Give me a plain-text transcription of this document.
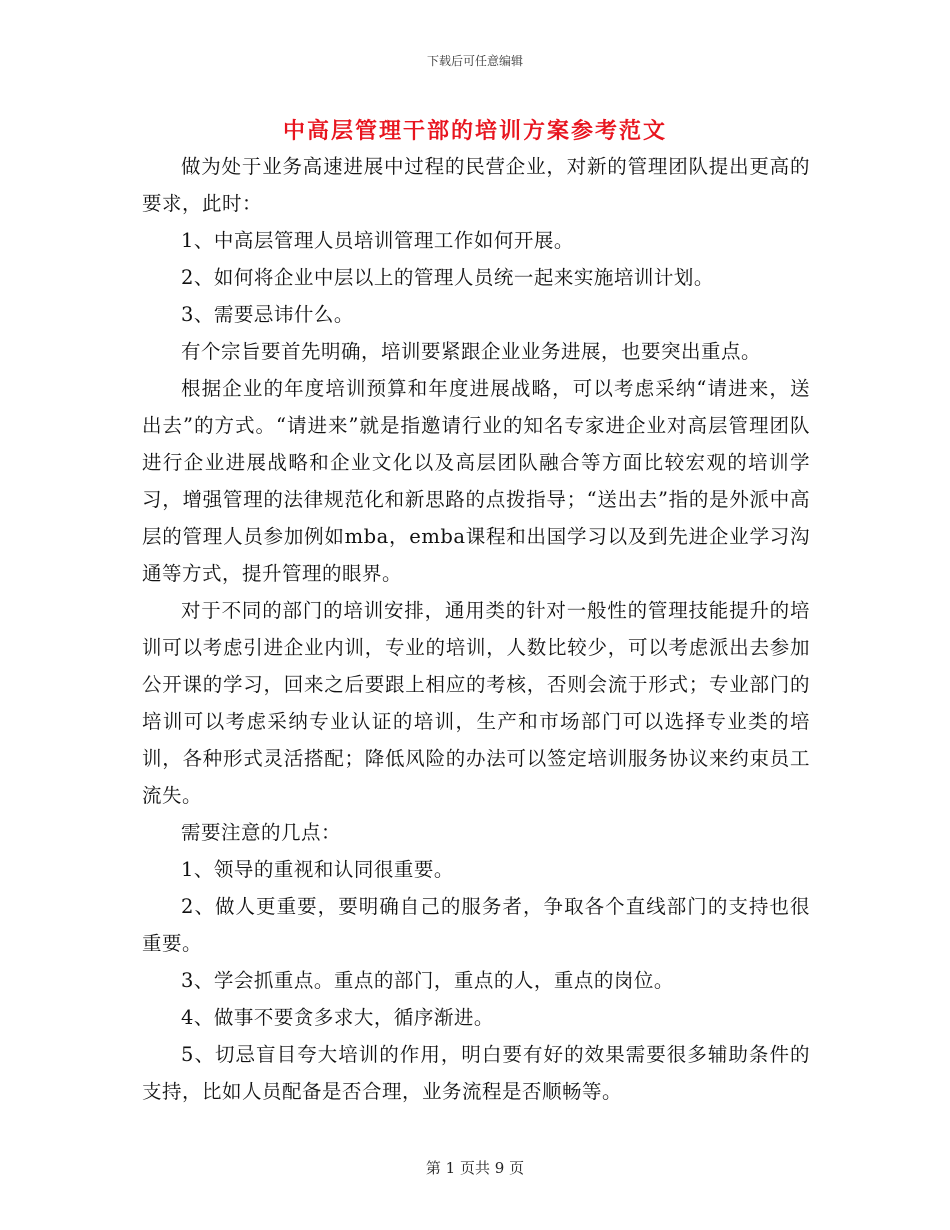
下载后可任意编辑
中高层管理干部的培训方案参考范文

做为处于业务高速进展中过程的民营企业，对新的管理团队提出更高的要求，此时：

1、中高层管理人员培训管理工作如何开展。

2、如何将企业中层以上的管理人员统一起来实施培训计划。

3、需要忌讳什么。

有个宗旨要首先明确，培训要紧跟企业业务进展，也要突出重点。

根据企业的年度培训预算和年度进展战略，可以考虑采纳“请进来，送出去”的方式。“请进来”就是指邀请行业的知名专家进企业对高层管理团队进行企业进展战略和企业文化以及高层团队融合等方面比较宏观的培训学习，增强管理的法律规范化和新思路的点拨指导；“送出去”指的是外派中高层的管理人员参加例如mba，emba课程和出国学习以及到先进企业学习沟通等方式，提升管理的眼界。

对于不同的部门的培训安排，通用类的针对一般性的管理技能提升的培训可以考虑引进企业内训，专业的培训，人数比较少，可以考虑派出去参加公开课的学习，回来之后要跟上相应的考核，否则会流于形式；专业部门的培训可以考虑采纳专业认证的培训，生产和市场部门可以选择专业类的培训，各种形式灵活搭配；降低风险的办法可以签定培训服务协议来约束员工流失。

需要注意的几点：

1、领导的重视和认同很重要。

2、做人更重要，要明确自己的服务者，争取各个直线部门的支持也很重要。

3、学会抓重点。重点的部门，重点的人，重点的岗位。

4、做事不要贪多求大，循序渐进。

5、切忌盲目夸大培训的作用，明白要有好的效果需要很多辅助条件的支持，比如人员配备是否合理，业务流程是否顺畅等。

第 1 页共 9 页
